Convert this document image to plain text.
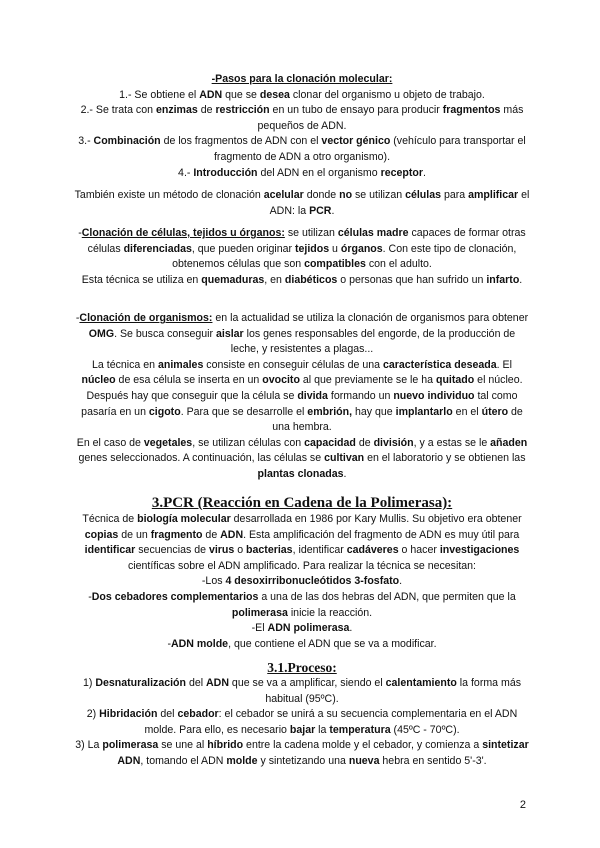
-Pasos para la clonación molecular:
1.- Se obtiene el ADN que se desea clonar del organismo u objeto de trabajo.
2.- Se trata con enzimas de restricción en un tubo de ensayo para producir fragmentos más pequeños de ADN.
3.- Combinación de los fragmentos de ADN con el vector génico (vehículo para transportar el fragmento de ADN a otro organismo).
4.- Introducción del ADN en el organismo receptor.
También existe un método de clonación acelular donde no se utilizan células para amplificar el ADN: la PCR.
-Clonación de células, tejidos u órganos: se utilizan células madre capaces de formar otras células diferenciadas, que pueden originar tejidos u órganos. Con este tipo de clonación, obtenemos células que son compatibles con el adulto.
Esta técnica se utiliza en quemaduras, en diabéticos o personas que han sufrido un infarto.
-Clonación de organismos: en la actualidad se utiliza la clonación de organismos para obtener OMG. Se busca conseguir aislar los genes responsables del engorde, de la producción de leche, y resistentes a plagas...
La técnica en animales consiste en conseguir células de una característica deseada. El núcleo de esa célula se inserta en un ovocito al que previamente se le ha quitado el núcleo. Después hay que conseguir que la célula se divida formando un nuevo individuo tal como pasaría en un cigoto. Para que se desarrolle el embrión, hay que implantarlo en el útero de una hembra.
En el caso de vegetales, se utilizan células con capacidad de división, y a estas se le añaden genes seleccionados. A continuación, las células se cultivan en el laboratorio y se obtienen las plantas clonadas.
3.PCR (Reacción en Cadena de la Polimerasa):
Técnica de biología molecular desarrollada en 1986 por Kary Mullis. Su objetivo era obtener copias de un fragmento de ADN. Esta amplificación del fragmento de ADN es muy útil para identificar secuencias de virus o bacterias, identificar cadáveres o hacer investigaciones científicas sobre el ADN amplificado. Para realizar la técnica se necesitan:
-Los 4 desoxirribonucleótidos 3-fosfato.
-Dos cebadores complementarios a una de las dos hebras del ADN, que permiten que la polimerasa inicie la reacción.
-El ADN polimerasa.
-ADN molde, que contiene el ADN que se va a modificar.
3.1.Proceso:
1) Desnaturalización del ADN que se va a amplificar, siendo el calentamiento la forma más habitual (95ºC).
2) Hibridación del cebador: el cebador se unirá a su secuencia complementaria en el ADN molde. Para ello, es necesario bajar la temperatura (45ºC - 70ºC).
3) La polimerasa se une al híbrido entre la cadena molde y el cebador, y comienza a sintetizar ADN, tomando el ADN molde y sintetizando una nueva hebra en sentido 5'-3'.
2
